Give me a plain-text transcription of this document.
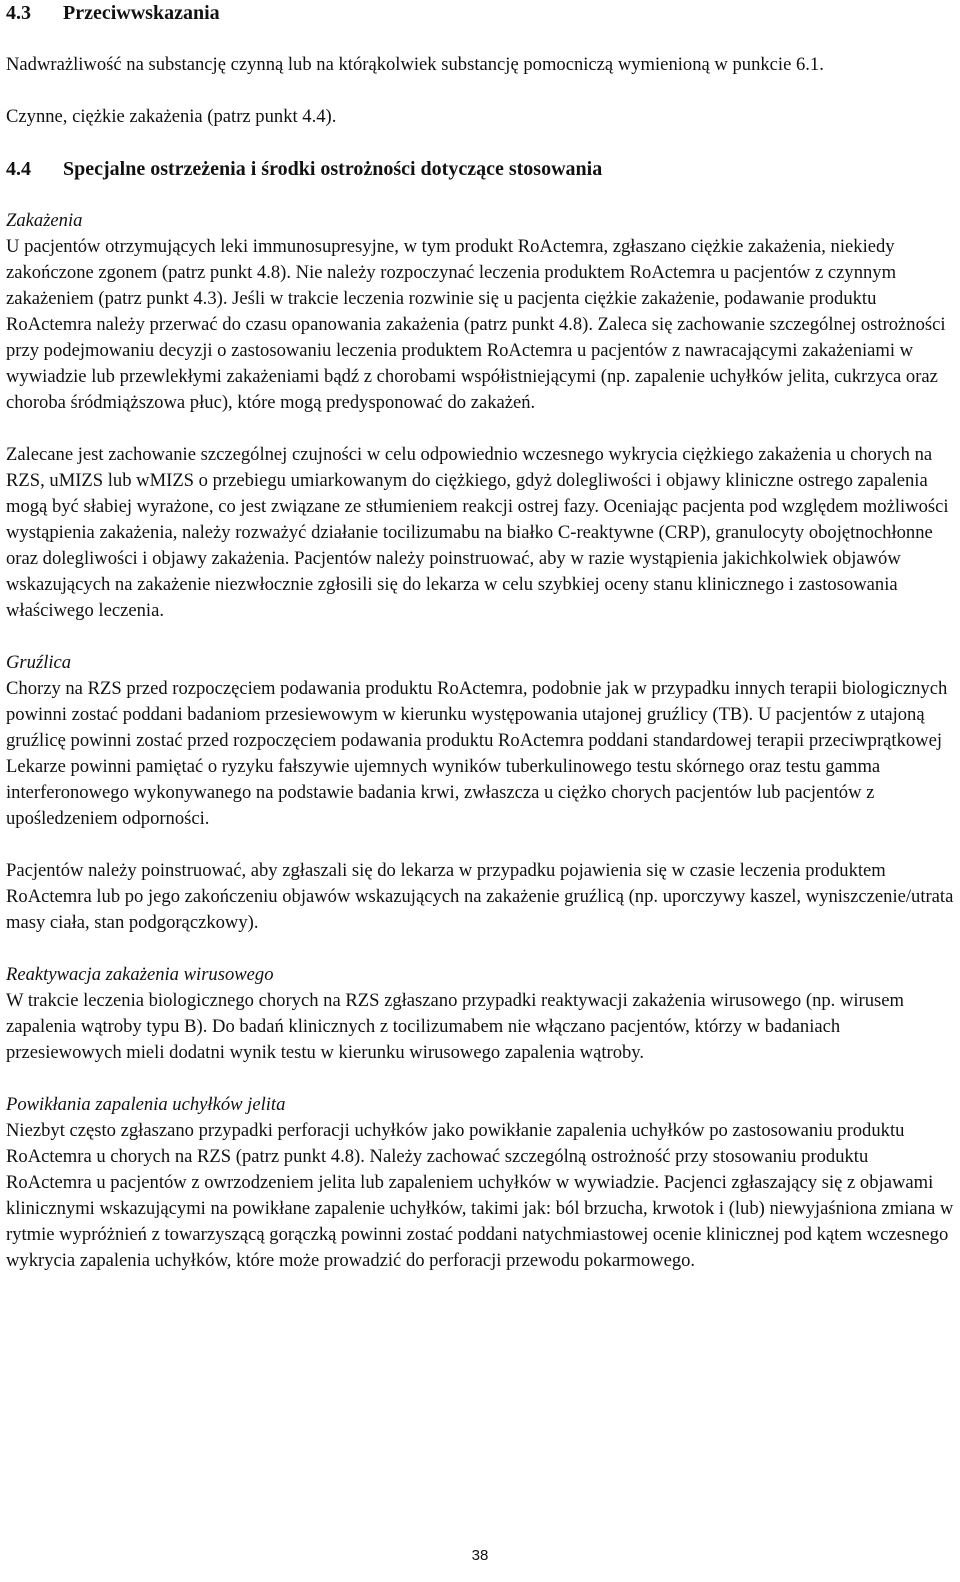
4.3 Przeciwwskazania

Nadwrażliwość na substancję czynną lub na którąkolwiek substancję pomocniczą wymienioną w punkcie 6.1.

Czynne, ciężkie zakażenia (patrz punkt 4.4).

4.4 Specjalne ostrzeżenia i środki ostrożności dotyczące stosowania

Zakażenia

U pacjentów otrzymujących leki immunosupresyjne, w tym produkt RoActemra, zgłaszano ciężkie zakażenia, niekiedy zakończone zgonem (patrz punkt 4.8). Nie należy rozpoczynać leczenia produktem RoActemra u pacjentów z czynnym zakażeniem (patrz punkt 4.3). Jeśli w trakcie leczenia rozwinie się u pacjenta ciężkie zakażenie, podawanie produktu RoActemra należy przerwać do czasu opanowania zakażenia (patrz punkt 4.8). Zaleca się zachowanie szczególnej ostrożności przy podejmowaniu decyzji o zastosowaniu leczenia produktem RoActemra u pacjentów z nawracającymi zakażeniami w wywiadzie lub przewlekłymi zakażeniami bądź z chorobami współistniejącymi (np. zapalenie uchyłków jelita, cukrzyca oraz choroba śródmiąższowa płuc), które mogą predysponować do zakażeń.

Zalecane jest zachowanie szczególnej czujności w celu odpowiednio wczesnego wykrycia ciężkiego zakażenia u chorych na RZS, uMIZS lub wMIZS o przebiegu umiarkowanym do ciężkiego, gdyż dolegliwości i objawy kliniczne ostrego zapalenia mogą być słabiej wyrażone, co jest związane ze stłumieniem reakcji ostrej fazy. Oceniając pacjenta pod względem możliwości wystąpienia zakażenia, należy rozważyć działanie tocilizumabu na białko C-reaktywne (CRP), granulocyty obojętnochłonne oraz dolegliwości i objawy zakażenia. Pacjentów należy poinstruować, aby w razie wystąpienia jakichkolwiek objawów wskazujących na zakażenie niezwłocznie zgłosili się do lekarza w celu szybkiej oceny stanu klinicznego i zastosowania właściwego leczenia.

Gruźlica

Chorzy na RZS przed rozpoczęciem podawania produktu RoActemra, podobnie jak w przypadku innych terapii biologicznych powinni zostać poddani badaniom przesiewowym w kierunku występowania utajonej gruźlicy (TB). U pacjentów z utajoną gruźlicę powinni zostać przed rozpoczęciem podawania produktu RoActemra poddani standardowej terapii przeciwprątkowej Lekarze powinni pamiętać o ryzyku fałszywie ujemnych wyników tuberkulinowego testu skórnego oraz testu gamma interferonowego wykonywanego na podstawie badania krwi, zwłaszcza u ciężko chorych pacjentów lub pacjentów z upośledzeniem odporności.

Pacjentów należy poinstruować, aby zgłaszali się do lekarza w przypadku pojawienia się w czasie leczenia produktem RoActemra lub po jego zakończeniu objawów wskazujących na zakażenie gruźlicą (np. uporczywy kaszel, wyniszczenie/utrata masy ciała, stan podgorączkowy).

Reaktywacja zakażenia wirusowego

W trakcie leczenia biologicznego chorych na RZS zgłaszano przypadki reaktywacji zakażenia wirusowego (np. wirusem zapalenia wątroby typu B). Do badań klinicznych z tocilizumabem nie włączano pacjentów, którzy w badaniach przesiewowych mieli dodatni wynik testu w kierunku wirusowego zapalenia wątroby.

Powikłania zapalenia uchyłków jelita

Niezbyt często zgłaszano przypadki perforacji uchyłków jako powikłanie zapalenia uchyłków po zastosowaniu produktu RoActemra u chorych na RZS (patrz punkt 4.8). Należy zachować szczególną ostrożność przy stosowaniu produktu RoActemra u pacjentów z owrzodzeniem jelita lub zapaleniem uchyłków w wywiadzie. Pacjenci zgłaszający się z objawami klinicznymi wskazującymi na powikłane zapalenie uchyłków, takimi jak: ból brzucha, krwotok i (lub) niewyjaśniona zmiana w rytmie wypróżnień z towarzyszącą gorączką powinni zostać poddani natychmiastowej ocenie klinicznej pod kątem wczesnego wykrycia zapalenia uchyłków, które może prowadzić do perforacji przewodu pokarmowego.

38
